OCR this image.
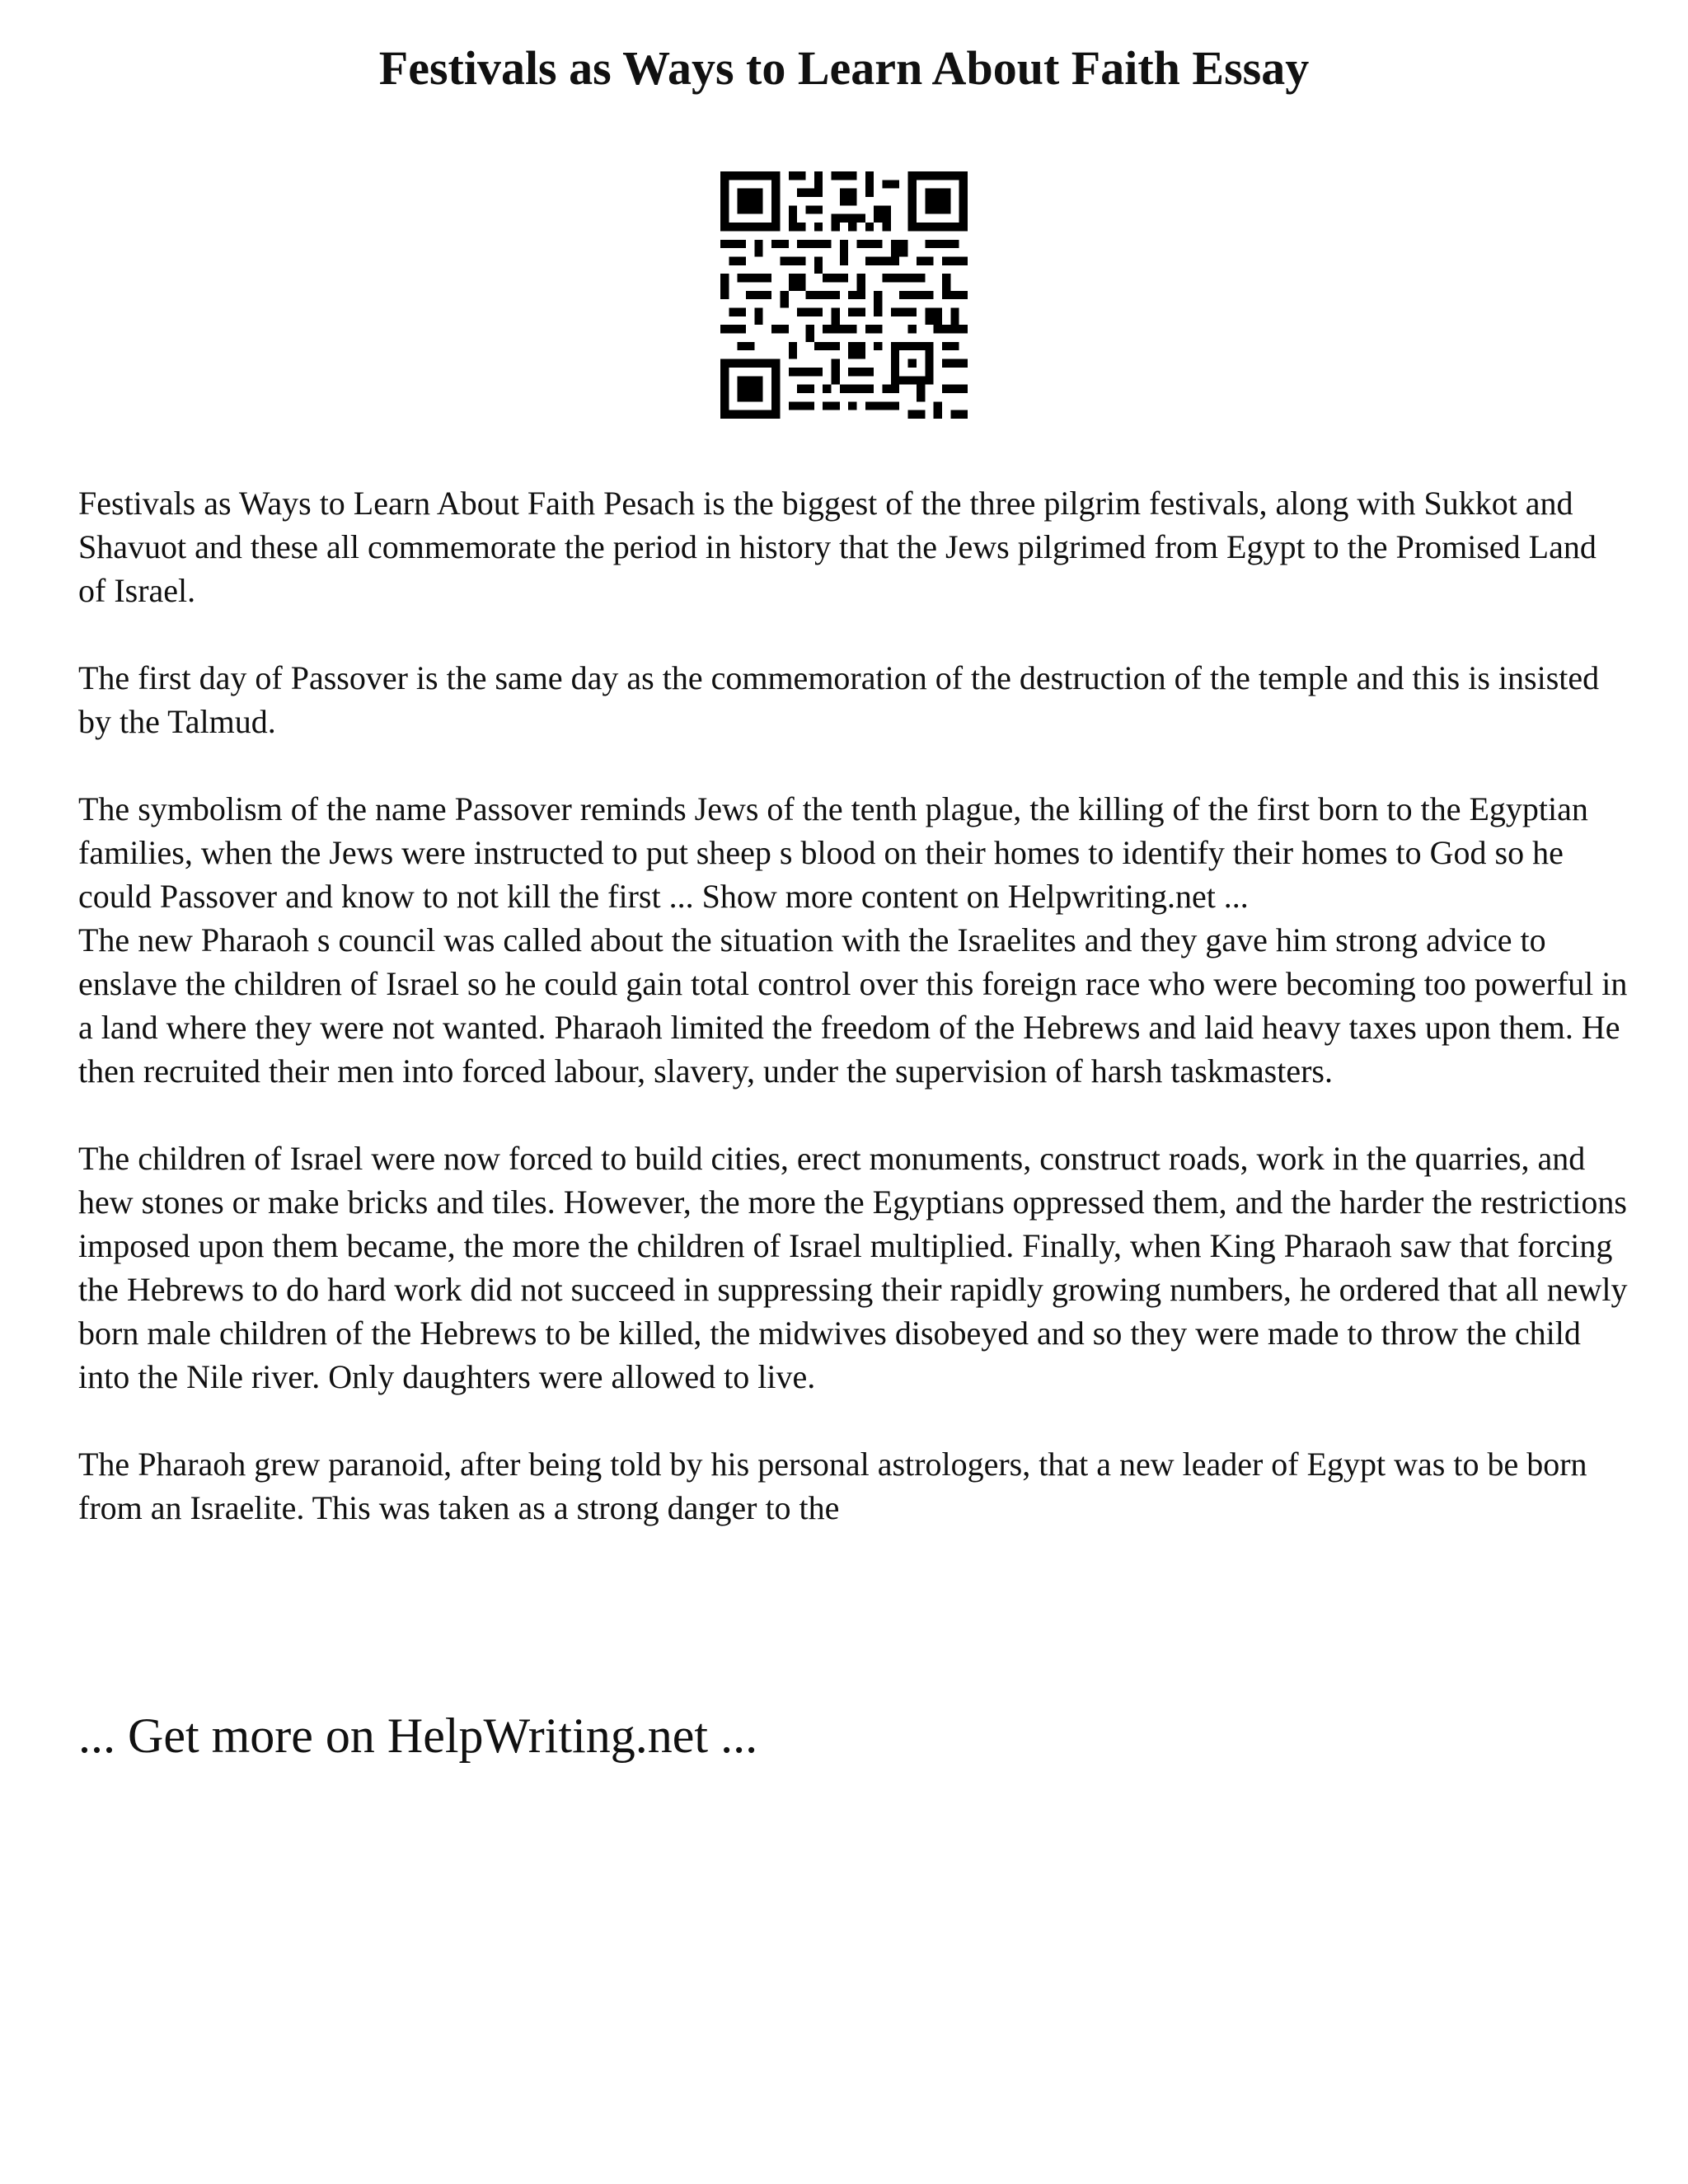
Festivals as Ways to Learn About Faith Essay

Festivals as Ways to Learn About Faith Pesach is the biggest of the three pilgrim festivals, along with Sukkot and Shavuot and these all commemorate the period in history that the Jews pilgrimed from Egypt to the Promised Land of Israel.

The first day of Passover is the same day as the commemoration of the destruction of the temple and this is insisted by the Talmud.

The symbolism of the name Passover reminds Jews of the tenth plague, the killing of the first born to the Egyptian families, when the Jews were instructed to put sheep s blood on their homes to identify their homes to God so he could Passover and know to not kill the first ... Show more content on Helpwriting.net ...

The new Pharaoh s council was called about the situation with the Israelites and they gave him strong advice to enslave the children of Israel so he could gain total control over this foreign race who were becoming too powerful in a land where they were not wanted. Pharaoh limited the freedom of the Hebrews and laid heavy taxes upon them. He then recruited their men into forced labour, slavery, under the supervision of harsh taskmasters.

The children of Israel were now forced to build cities, erect monuments, construct roads, work in the quarries, and hew stones or make bricks and tiles. However, the more the Egyptians oppressed them, and the harder the restrictions imposed upon them became, the more the children of Israel multiplied. Finally, when King Pharaoh saw that forcing the Hebrews to do hard work did not succeed in suppressing their rapidly growing numbers, he ordered that all newly born male children of the Hebrews to be killed, the midwives disobeyed and so they were made to throw the child into the Nile river. Only daughters were allowed to live.

The Pharaoh grew paranoid, after being told by his personal astrologers, that a new leader of Egypt was to be born from an Israelite. This was taken as a strong danger to the

... Get more on HelpWriting.net ...
